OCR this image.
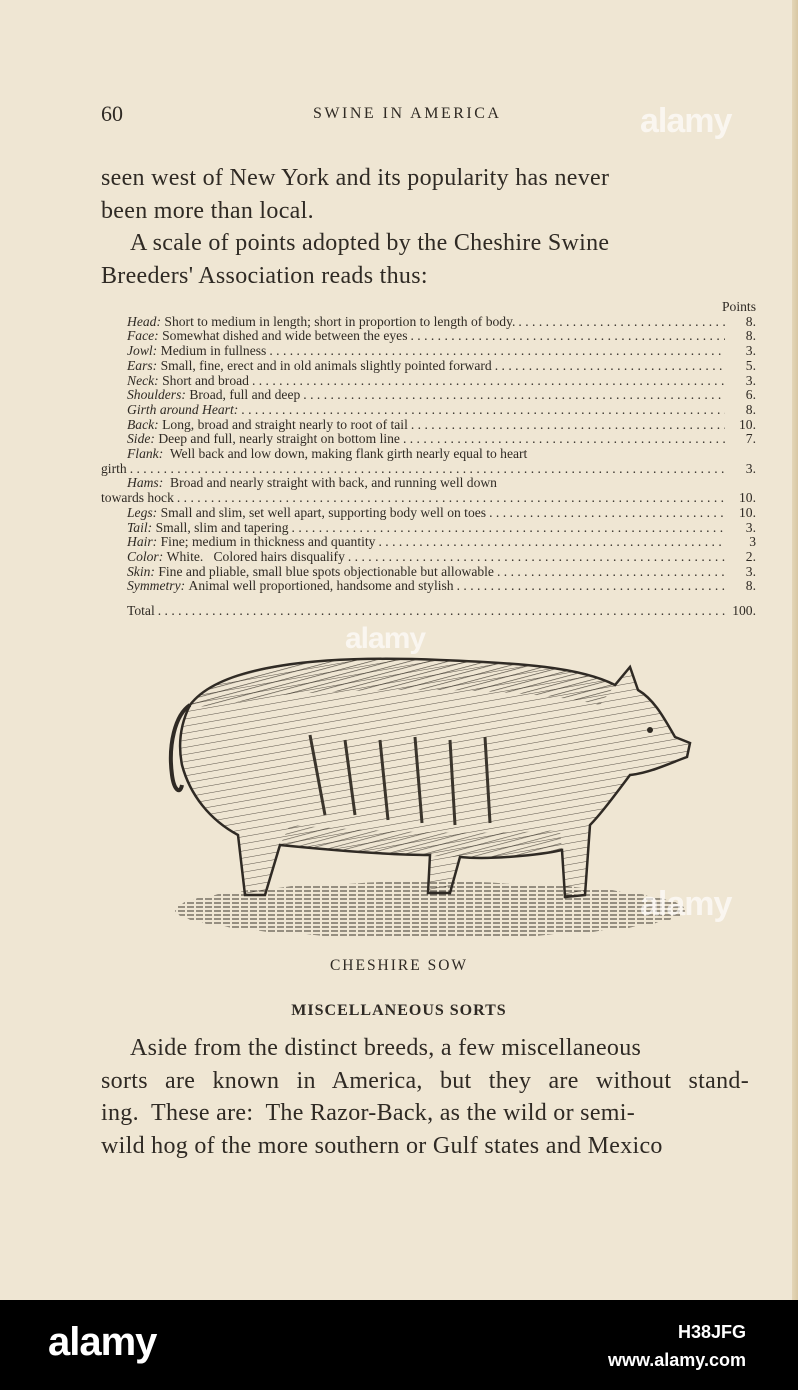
60	SWINE IN AMERICA

seen west of New York and its popularity has never
been more than local.

A scale of points adopted by the Cheshire Swine
Breeders' Association reads thus:

Points
Head:
Short to medium in length; short in proportion to length of body. . . .	8.
Face:
Somewhat dished and wide between the eyes . . .	8.
Jowl:
Medium in fullness . . .	3.
Ears:
Small, fine, erect and in old animals slightly pointed forward . . .	5.
Neck:
Short and broad . . .	3.
Shoulders:
Broad, full and deep . . .	6.
Girth around Heart: . . .	8.
Back:
Long, broad and straight nearly to root of tail . . .	10.
Side:
Deep and full, nearly straight on bottom line . . .	7.
Flank: Well back and low down, making flank girth nearly equal to heart
girth . . .	3.
Hams: Broad and nearly straight with back, and running well down
towards hock . . .	10.
Legs:
Small and slim, set well apart, supporting body well on toes . . .	10.
Tail:
Small, slim and tapering . . .	3.
Hair:
Fine; medium in thickness and quantity . . .	3
Color:
White.   Colored hairs disqualify . . .	2.
Skin:
Fine and pliable, small blue spots objectionable but allowable . . .	3.
Symmetry:
Animal well proportioned, handsome and stylish . . .	8.
Total . . .	100.
CHESHIRE SOW
MISCELLANEOUS SORTS

Aside from the distinct breeds, a few miscellaneous
sorts are known in America, but they are without stand-
ing.  These are:  The Razor-Back, as the wild or semi-
wild hog of the more southern or Gulf states and Mexico

alamy
alamy
alamy
alamy	H38JFG
www.alamy.com
